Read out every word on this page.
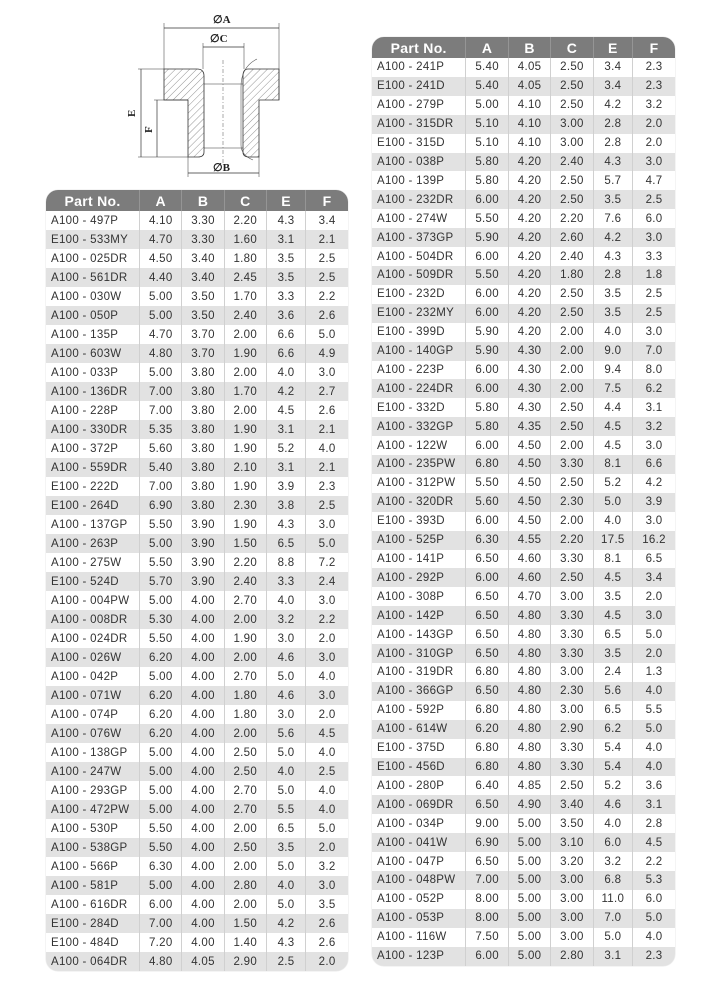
∅A
∅C
E
F
∅B
Part No.	A	B	C	E	F
A100 - 497P	4.10	3.30	2.20	4.3	3.4
E100 - 533MY	4.70	3.30	1.60	3.1	2.1
A100 - 025DR	4.50	3.40	1.80	3.5	2.5
A100 - 561DR	4.40	3.40	2.45	3.5	2.5
A100 - 030W	5.00	3.50	1.70	3.3	2.2
A100 - 050P	5.00	3.50	2.40	3.6	2.6
A100 - 135P	4.70	3.70	2.00	6.6	5.0
A100 - 603W	4.80	3.70	1.90	6.6	4.9
A100 - 033P	5.00	3.80	2.00	4.0	3.0
A100 - 136DR	7.00	3.80	1.70	4.2	2.7
A100 - 228P	7.00	3.80	2.00	4.5	2.6
A100 - 330DR	5.35	3.80	1.90	3.1	2.1
A100 - 372P	5.60	3.80	1.90	5.2	4.0
A100 - 559DR	5.40	3.80	2.10	3.1	2.1
E100 - 222D	7.00	3.80	1.90	3.9	2.3
E100 - 264D	6.90	3.80	2.30	3.8	2.5
A100 - 137GP	5.50	3.90	1.90	4.3	3.0
A100 - 263P	5.00	3.90	1.50	6.5	5.0
A100 - 275W	5.50	3.90	2.20	8.8	7.2
E100 - 524D	5.70	3.90	2.40	3.3	2.4
A100 - 004PW	5.00	4.00	2.70	4.0	3.0
A100 - 008DR	5.30	4.00	2.00	3.2	2.2
A100 - 024DR	5.50	4.00	1.90	3.0	2.0
A100 - 026W	6.20	4.00	2.00	4.6	3.0
A100 - 042P	5.00	4.00	2.70	5.0	4.0
A100 - 071W	6.20	4.00	1.80	4.6	3.0
A100 - 074P	6.20	4.00	1.80	3.0	2.0
A100 - 076W	6.20	4.00	2.00	5.6	4.5
A100 - 138GP	5.00	4.00	2.50	5.0	4.0
A100 - 247W	5.00	4.00	2.50	4.0	2.5
A100 - 293GP	5.00	4.00	2.70	5.0	4.0
A100 - 472PW	5.00	4.00	2.70	5.5	4.0
A100 - 530P	5.50	4.00	2.00	6.5	5.0
A100 - 538GP	5.50	4.00	2.50	3.5	2.0
A100 - 566P	6.30	4.00	2.00	5.0	3.2
A100 - 581P	5.00	4.00	2.80	4.0	3.0
A100 - 616DR	6.00	4.00	2.00	5.0	3.5
E100 - 284D	7.00	4.00	1.50	4.2	2.6
E100 - 484D	7.20	4.00	1.40	4.3	2.6
A100 - 064DR	4.80	4.05	2.90	2.5	2.0
Part No.	A	B	C	E	F
A100 - 241P	5.40	4.05	2.50	3.4	2.3
E100 - 241D	5.40	4.05	2.50	3.4	2.3
A100 - 279P	5.00	4.10	2.50	4.2	3.2
A100 - 315DR	5.10	4.10	3.00	2.8	2.0
E100 - 315D	5.10	4.10	3.00	2.8	2.0
A100 - 038P	5.80	4.20	2.40	4.3	3.0
A100 - 139P	5.80	4.20	2.50	5.7	4.7
A100 - 232DR	6.00	4.20	2.50	3.5	2.5
A100 - 274W	5.50	4.20	2.20	7.6	6.0
A100 - 373GP	5.90	4.20	2.60	4.2	3.0
A100 - 504DR	6.00	4.20	2.40	4.3	3.3
A100 - 509DR	5.50	4.20	1.80	2.8	1.8
E100 - 232D	6.00	4.20	2.50	3.5	2.5
E100 - 232MY	6.00	4.20	2.50	3.5	2.5
E100 - 399D	5.90	4.20	2.00	4.0	3.0
A100 - 140GP	5.90	4.30	2.00	9.0	7.0
A100 - 223P	6.00	4.30	2.00	9.4	8.0
A100 - 224DR	6.00	4.30	2.00	7.5	6.2
E100 - 332D	5.80	4.30	2.50	4.4	3.1
A100 - 332GP	5.80	4.35	2.50	4.5	3.2
A100 - 122W	6.00	4.50	2.00	4.5	3.0
A100 - 235PW	6.80	4.50	3.30	8.1	6.6
A100 - 312PW	5.50	4.50	2.50	5.2	4.2
A100 - 320DR	5.60	4.50	2.30	5.0	3.9
E100 - 393D	6.00	4.50	2.00	4.0	3.0
A100 - 525P	6.30	4.55	2.20	17.5	16.2
A100 - 141P	6.50	4.60	3.30	8.1	6.5
A100 - 292P	6.00	4.60	2.50	4.5	3.4
A100 - 308P	6.50	4.70	3.00	3.5	2.0
A100 - 142P	6.50	4.80	3.30	4.5	3.0
A100 - 143GP	6.50	4.80	3.30	6.5	5.0
A100 - 310GP	6.50	4.80	3.30	3.5	2.0
A100 - 319DR	6.80	4.80	3.00	2.4	1.3
A100 - 366GP	6.50	4.80	2.30	5.6	4.0
A100 - 592P	6.80	4.80	3.00	6.5	5.5
A100 - 614W	6.20	4.80	2.90	6.2	5.0
E100 - 375D	6.80	4.80	3.30	5.4	4.0
E100 - 456D	6.80	4.80	3.30	5.4	4.0
A100 - 280P	6.40	4.85	2.50	5.2	3.6
A100 - 069DR	6.50	4.90	3.40	4.6	3.1
A100 - 034P	9.00	5.00	3.50	4.0	2.8
A100 - 041W	6.90	5.00	3.10	6.0	4.5
A100 - 047P	6.50	5.00	3.20	3.2	2.2
A100 - 048PW	7.00	5.00	3.00	6.8	5.3
A100 - 052P	8.00	5.00	3.00	11.0	6.0
A100 - 053P	8.00	5.00	3.00	7.0	5.0
A100 - 116W	7.50	5.00	3.00	5.0	4.0
A100 - 123P	6.00	5.00	2.80	3.1	2.3
